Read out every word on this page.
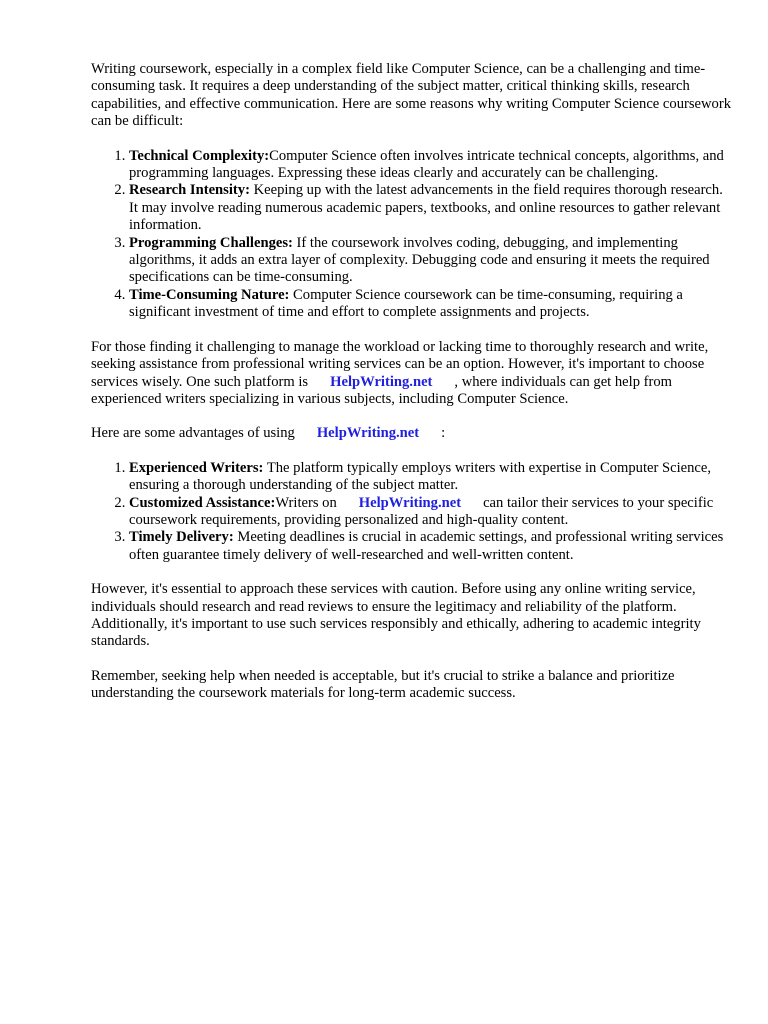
Writing coursework, especially in a complex field like Computer Science, can be a challenging and time-consuming task. It requires a deep understanding of the subject matter, critical thinking skills, research capabilities, and effective communication. Here are some reasons why writing Computer Science coursework can be difficult:

1. Technical Complexity:Computer Science often involves intricate technical concepts, algorithms, and programming languages. Expressing these ideas clearly and accurately can be challenging.
2. Research Intensity: Keeping up with the latest advancements in the field requires thorough research. It may involve reading numerous academic papers, textbooks, and online resources to gather relevant information.
3. Programming Challenges: If the coursework involves coding, debugging, and implementing algorithms, it adds an extra layer of complexity. Debugging code and ensuring it meets the required specifications can be time-consuming.
4. Time-Consuming Nature: Computer Science coursework can be time-consuming, requiring a significant investment of time and effort to complete assignments and projects.

For those finding it challenging to manage the workload or lacking time to thoroughly research and write, seeking assistance from professional writing services can be an option. However, it's important to choose services wisely. One such platform is HelpWriting.net , where individuals can get help from experienced writers specializing in various subjects, including Computer Science.

Here are some advantages of using HelpWriting.net :

1. Experienced Writers: The platform typically employs writers with expertise in Computer Science, ensuring a thorough understanding of the subject matter.
2. Customized Assistance:Writers on HelpWriting.net can tailor their services to your specific coursework requirements, providing personalized and high-quality content.
3. Timely Delivery: Meeting deadlines is crucial in academic settings, and professional writing services often guarantee timely delivery of well-researched and well-written content.

However, it's essential to approach these services with caution. Before using any online writing service, individuals should research and read reviews to ensure the legitimacy and reliability of the platform. Additionally, it's important to use such services responsibly and ethically, adhering to academic integrity standards.

Remember, seeking help when needed is acceptable, but it's crucial to strike a balance and prioritize understanding the coursework materials for long-term academic success.
